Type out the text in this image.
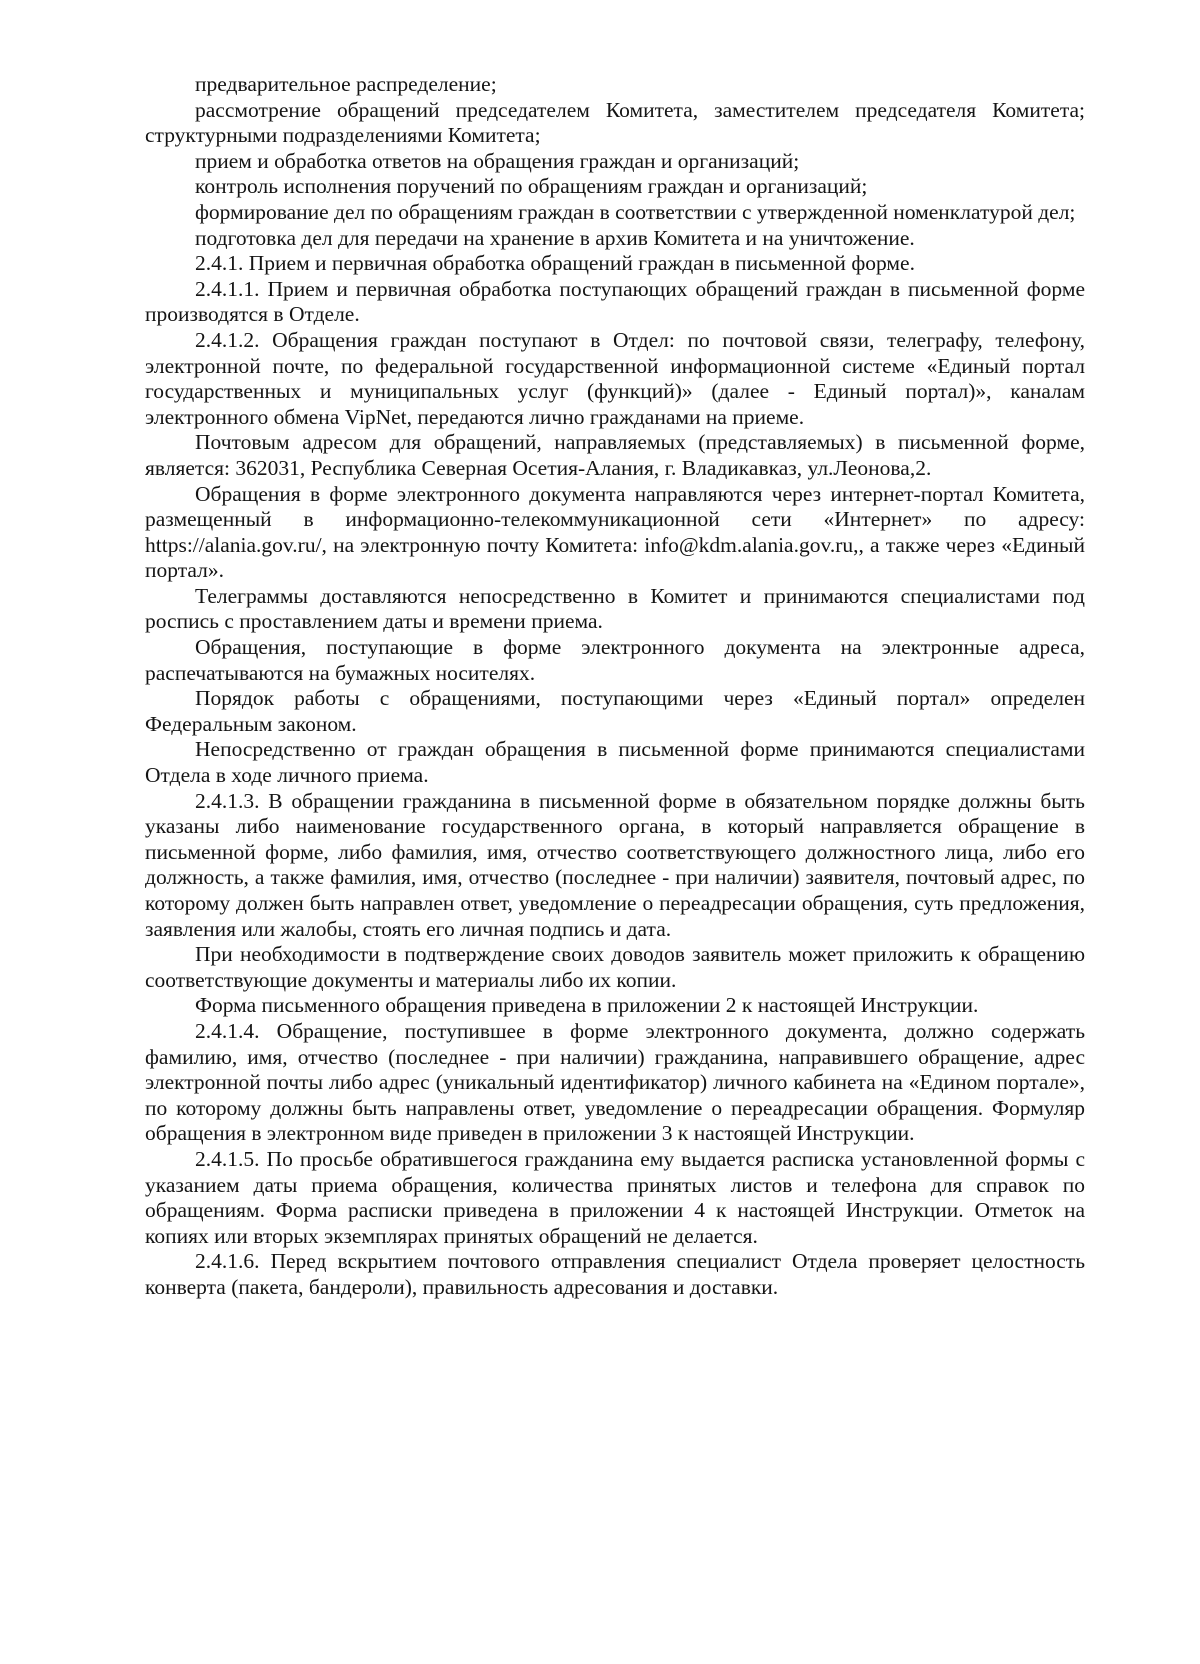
предварительное распределение;

рассмотрение обращений председателем Комитета, заместителем председателя Комитета; структурными подразделениями Комитета;

прием и обработка ответов на обращения граждан и организаций;

контроль исполнения поручений по обращениям граждан и организаций;

формирование дел по обращениям граждан в соответствии с утвержденной номенклатурой дел;

подготовка дел для передачи на хранение в архив Комитета и на уничтожение.

2.4.1. Прием и первичная обработка обращений граждан в письменной форме.

2.4.1.1. Прием и первичная обработка поступающих обращений граждан в письменной форме производятся в Отделе.

2.4.1.2. Обращения граждан поступают в Отдел: по почтовой связи, телеграфу, телефону, электронной почте, по федеральной государственной информационной системе «Единый портал государственных и муниципальных услуг (функций)» (далее - Единый портал)», каналам электронного обмена VipNet, передаются лично гражданами на приеме.

Почтовым адресом для обращений, направляемых (представляемых) в письменной форме, является: 362031, Республика Северная Осетия-Алания, г. Владикавказ, ул.Леонова,2.

Обращения в форме электронного документа направляются через интернет-портал Комитета, размещенный в информационно-телекоммуникационной сети «Интернет» по адресу: https://alania.gov.ru/, на электронную почту Комитета: info@kdm.alania.gov.ru,, а также через «Единый портал».

Телеграммы доставляются непосредственно в Комитет и принимаются специалистами под роспись с проставлением даты и времени приема.

Обращения, поступающие в форме электронного документа на электронные адреса, распечатываются на бумажных носителях.

Порядок работы с обращениями, поступающими через «Единый портал» определен Федеральным законом.

Непосредственно от граждан обращения в письменной форме принимаются специалистами Отдела в ходе личного приема.

2.4.1.3. В обращении гражданина в письменной форме в обязательном порядке должны быть указаны либо наименование государственного органа, в который направляется обращение в письменной форме, либо фамилия, имя, отчество соответствующего должностного лица, либо его должность, а также фамилия, имя, отчество (последнее - при наличии) заявителя, почтовый адрес, по которому должен быть направлен ответ, уведомление о переадресации обращения, суть предложения, заявления или жалобы, стоять его личная подпись и дата.

При необходимости в подтверждение своих доводов заявитель может приложить к обращению соответствующие документы и материалы либо их копии.

Форма письменного обращения приведена в приложении 2 к настоящей Инструкции.

2.4.1.4. Обращение, поступившее в форме электронного документа, должно содержать фамилию, имя, отчество (последнее - при наличии) гражданина, направившего обращение, адрес электронной почты либо адрес (уникальный идентификатор) личного кабинета на «Едином портале», по которому должны быть направлены ответ, уведомление о переадресации обращения. Формуляр обращения в электронном виде приведен в приложении 3 к настоящей Инструкции.

2.4.1.5. По просьбе обратившегося гражданина ему выдается расписка установленной формы с указанием даты приема обращения, количества принятых листов и телефона для справок по обращениям. Форма расписки приведена в приложении 4 к настоящей Инструкции. Отметок на копиях или вторых экземплярах принятых обращений не делается.

2.4.1.6. Перед вскрытием почтового отправления специалист Отдела проверяет целостность конверта (пакета, бандероли), правильность адресования и доставки.
